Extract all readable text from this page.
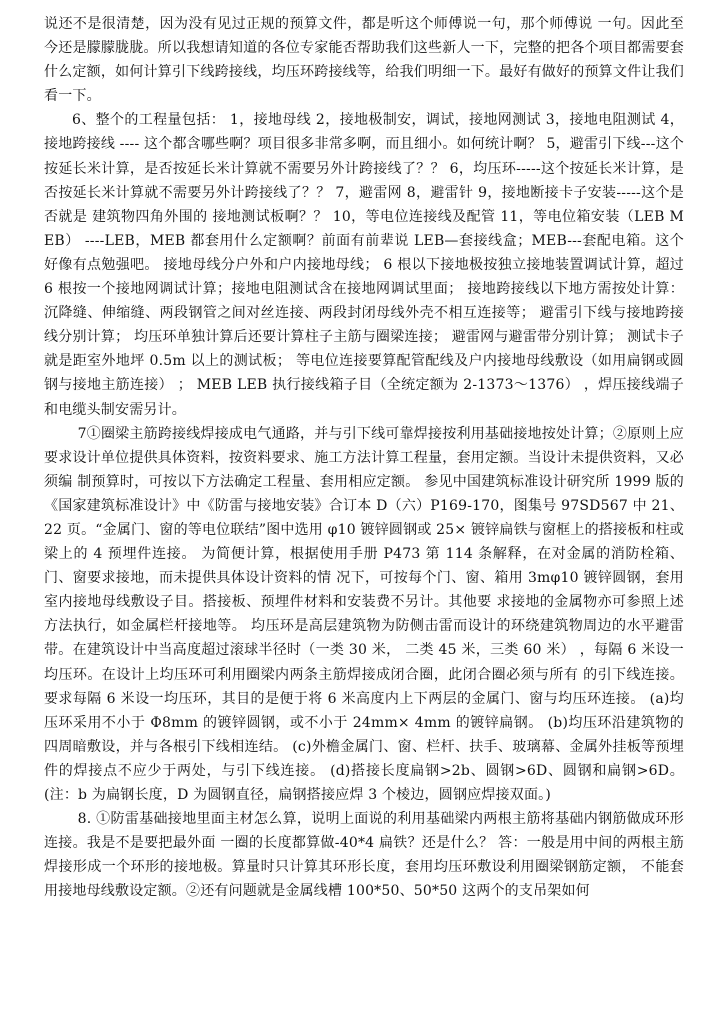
说还不是很清楚，因为没有见过正规的预算文件，都是听这个师傅说一句，那个师傅说 一句。因此至今还是朦朦胧胧。所以我想请知道的各位专家能否帮助我们这些新人一下，完整的把各个项目都需要套什么定额，如何计算引下线跨接线，均压环跨接线等，给我们明细一下。最好有做好的预算文件让我们看一下。

6、整个的工程量包括： 1，接地母线 2，接地极制安，调试，接地网测试 3，接地电阻测试 4，接地跨接线 ---- 这个都含哪些啊？项目很多非常多啊，而且细小。如何统计啊？ 5，避雷引下线---这个按延长米计算，是否按延长米计算就不需要另外计跨接线了？？ 6，均压环-----这个按延长米计算，是否按延长米计算就不需要另外计跨接线了？？ 7，避雷网 8，避雷针 9，接地断接卡子安装-----这个是否就是 建筑物四角外围的 接地测试板啊？？ 10，等电位连接线及配管 11，等电位箱安装（LEB MEB） ----LEB，MEB 都套用什么定额啊？前面有前辈说 LEB—套接线盒；MEB---套配电箱。这个 好像有点勉强吧。 接地母线分户外和户内接地母线； 6 根以下接地极按独立接地装置调试计算，超过 6 根按一个接地网调试计算；接地电阻测试含在接地网调试里面； 接地跨接线以下地方需按处计算：沉降缝、伸缩缝、两段钢管之间对丝连接、两段封闭母线外壳不相互连接等； 避雷引下线与接地跨接线分别计算； 均压环单独计算后还要计算柱子主筋与圈梁连接； 避雷网与避雷带分别计算； 测试卡子就是距室外地坪 0.5m 以上的测试板； 等电位连接要算配管配线及户内接地母线敷设（如用扁钢或圆钢与接地主筋连接） ； MEB LEB 执行接线箱子目（全统定额为 2-1373～1376） ，焊压接线端子和电缆头制安需另计。

7①圈梁主筋跨接线焊接成电气通路，并与引下线可靠焊接按利用基础接地按处计算；②原则上应要求设计单位提供具体资料，按资料要求、施工方法计算工程量，套用定额。当设计未提供资料，又必须编 制预算时，可按以下方法确定工程量、套用相应定额。 参见中国建筑标准设计研究所 1999 版的《国家建筑标准设计》中《防雷与接地安装》合订本 D（六）P169-170，图集号 97SD567 中 21、22 页。“金属门、窗的等电位联结”图中选用 φ10 镀锌圆钢或 25× 镀锌扁铁与窗框上的搭接板和柱或梁上的 4 预埋件连接。 为简便计算，根据使用手册 P473 第 114 条解释，在对金属的消防栓箱、门、窗要求接地，而未提供具体设计资料的情 况下，可按每个门、窗、箱用 3mφ10 镀锌圆钢，套用室内接地母线敷设子目。搭接板、预埋件材料和安装费不另计。其他要 求接地的金属物亦可参照上述方法执行，如金属栏杆接地等。 均压环是高层建筑物为防侧击雷而设计的环绕建筑物周边的水平避雷带。在建筑设计中当高度超过滚球半径时（一类 30 米， 二类 45 米，三类 60 米） ，每隔 6 米设一均压环。在设计上均压环可利用圈梁内两条主筋焊接成闭合圈，此闭合圈必须与所有 的引下线连接。要求每隔 6 米设一均压环，其目的是便于将 6 米高度内上下两层的金属门、窗与均压环连接。 (a)均压环采用不小于 Φ8mm 的镀锌圆钢，或不小于 24mm× 4mm 的镀锌扁钢。 (b)均压环沿建筑物的四周暗敷设，并与各根引下线相连结。 (c)外檐金属门、窗、栏杆、扶手、玻璃幕、金属外挂板等预埋件的焊接点不应少于两处，与引下线连接。 (d)搭接长度扁钢>2b、圆钢>6D、圆钢和扁钢>6D。 (注：b 为扁钢长度，D 为圆钢直径，扁钢搭接应焊 3 个棱边，圆钢应焊接双面。)

8. ①防雷基础接地里面主材怎么算，说明上面说的利用基础梁内两根主筋将基础内钢筋做成环形连接。我是不是要把最外面 一圈的长度都算做-40*4 扁铁？还是什么？ 答：一般是用中间的两根主筋焊接形成一个环形的接地极。算量时只计算其环形长度，套用均压环敷设利用圈梁钢筋定额， 不能套用接地母线敷设定额。②还有问题就是金属线槽 100*50、50*50 这两个的支吊架如何
